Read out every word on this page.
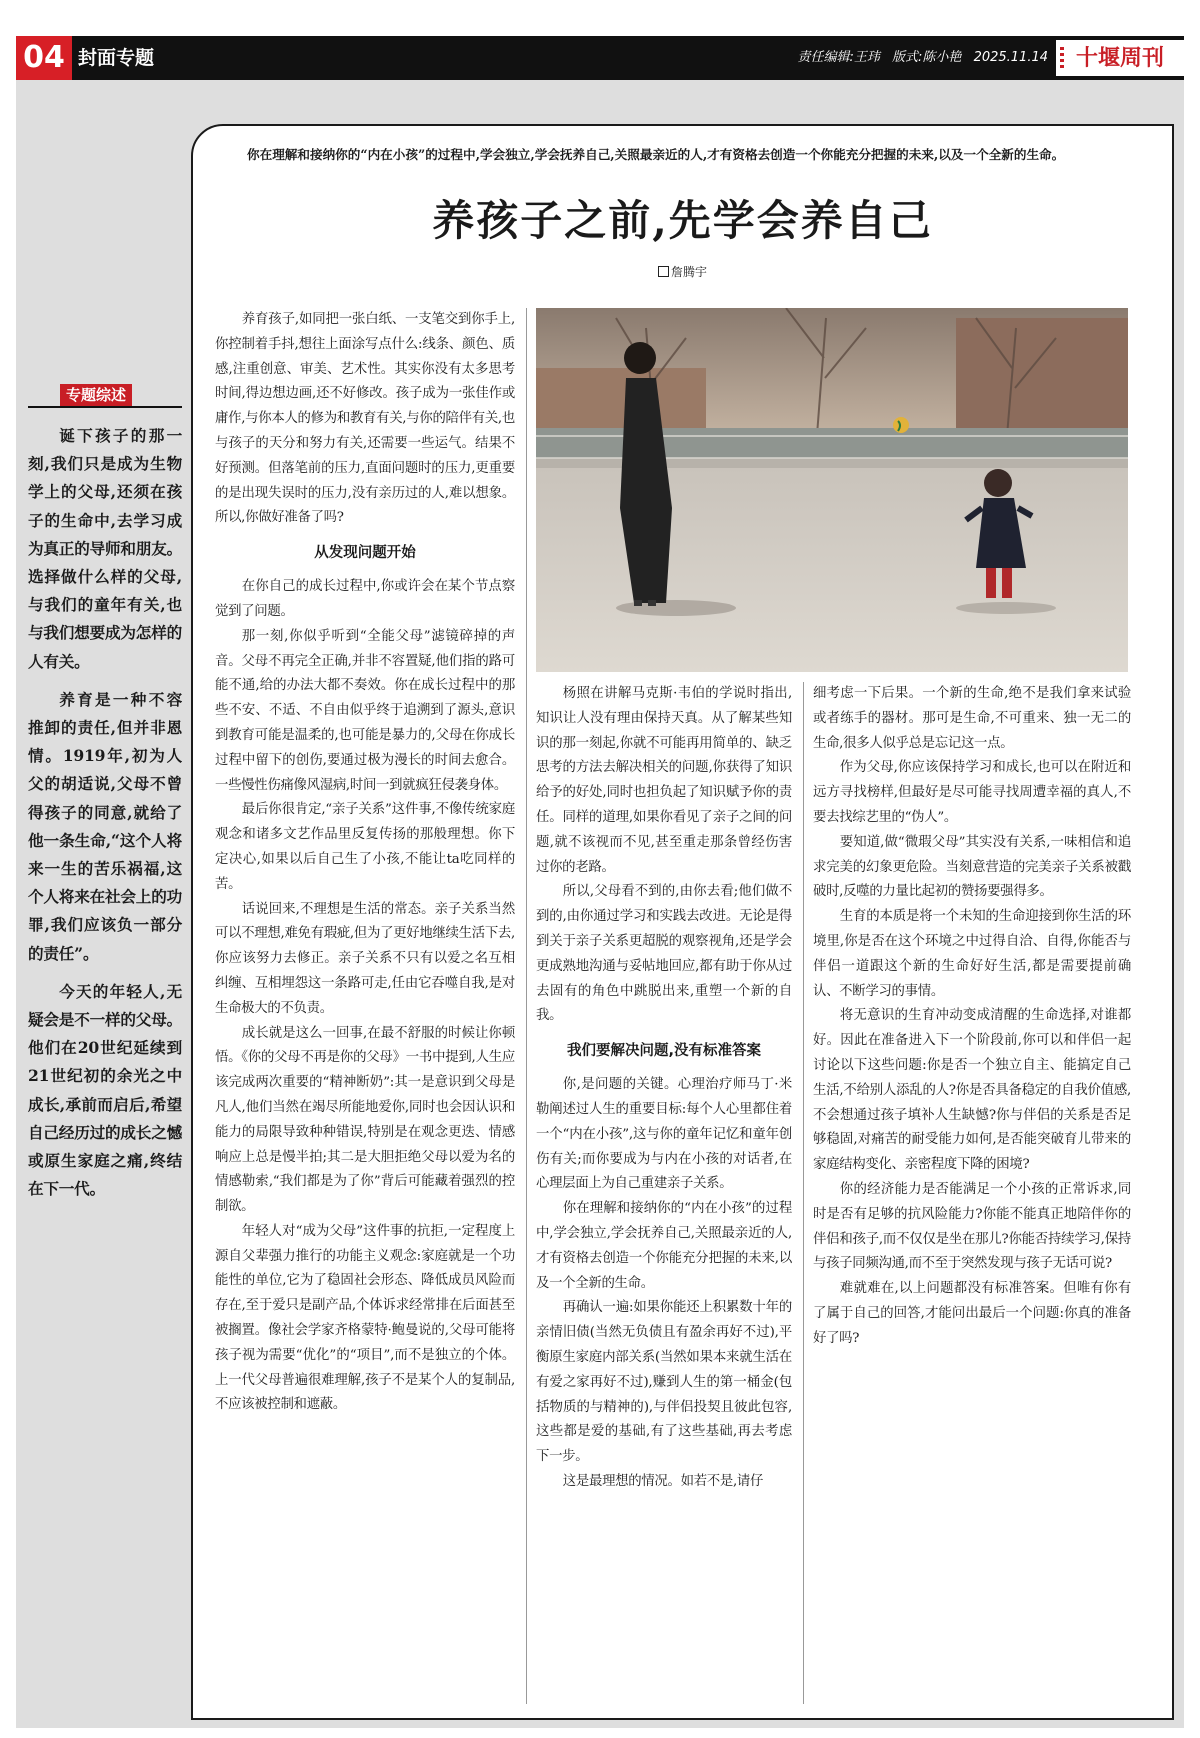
04 封面专题	责任编辑:王玮 版式:陈小艳 2025.11.14	十堰周刊
专题综述

诞下孩子的那一刻,我们只是成为生物学上的父母,还须在孩子的生命中,去学习成为真正的导师和朋友。选择做什么样的父母,与我们的童年有关,也与我们想要成为怎样的人有关。

养育是一种不容推卸的责任,但并非恩情。1919年,初为人父的胡适说,父母不曾得孩子的同意,就给了他一条生命,“这个人将来一生的苦乐祸福,这个人将来在社会上的功罪,我们应该负一部分的责任”。

今天的年轻人,无疑会是不一样的父母。他们在20世纪延续到21世纪初的余光之中成长,承前而启后,希望自己经历过的成长之憾或原生家庭之痛,终结在下一代。

你在理解和接纳你的“内在小孩”的过程中,学会独立,学会抚养自己,关照最亲近的人,才有资格去创造一个你能充分把握的未来,以及一个全新的生命。
养孩子之前,先学会养自己
詹腾宇

养育孩子,如同把一张白纸、一支笔交到你手上,你控制着手抖,想往上面涂写点什么:线条、颜色、质感,注重创意、审美、艺术性。其实你没有太多思考时间,得边想边画,还不好修改。孩子成为一张佳作或庸作,与你本人的修为和教育有关,与你的陪伴有关,也与孩子的天分和努力有关,还需要一些运气。结果不好预测。但落笔前的压力,直面问题时的压力,更重要的是出现失误时的压力,没有亲历过的人,难以想象。所以,你做好准备了吗?

从发现问题开始

在你自己的成长过程中,你或许会在某个节点察觉到了问题。

那一刻,你似乎听到“全能父母”滤镜碎掉的声音。父母不再完全正确,并非不容置疑,他们指的路可能不通,给的办法大都不奏效。你在成长过程中的那些不安、不适、不自由似乎终于追溯到了源头,意识到教育可能是温柔的,也可能是暴力的,父母在你成长过程中留下的创伤,要通过极为漫长的时间去愈合。一些慢性伤痛像风湿病,时间一到就疯狂侵袭身体。

最后你很肯定,“亲子关系”这件事,不像传统家庭观念和诸多文艺作品里反复传扬的那般理想。你下定决心,如果以后自己生了小孩,不能让ta吃同样的苦。

话说回来,不理想是生活的常态。亲子关系当然可以不理想,难免有瑕疵,但为了更好地继续生活下去,你应该努力去修正。亲子关系不只有以爱之名互相纠缠、互相埋怨这一条路可走,任由它吞噬自我,是对生命极大的不负责。

成长就是这么一回事,在最不舒服的时候让你顿悟。《你的父母不再是你的父母》一书中提到,人生应该完成两次重要的“精神断奶”:其一是意识到父母是凡人,他们当然在竭尽所能地爱你,同时也会因认识和能力的局限导致种种错误,特别是在观念更迭、情感响应上总是慢半拍;其二是大胆拒绝父母以爱为名的情感勒索,“我们都是为了你”背后可能藏着强烈的控制欲。

年轻人对“成为父母”这件事的抗拒,一定程度上源自父辈强力推行的功能主义观念:家庭就是一个功能性的单位,它为了稳固社会形态、降低成员风险而存在,至于爱只是副产品,个体诉求经常排在后面甚至被搁置。像社会学家齐格蒙特·鲍曼说的,父母可能将孩子视为需要“优化”的“项目”,而不是独立的个体。上一代父母普遍很难理解,孩子不是某个人的复制品,不应该被控制和遮蔽。

杨照在讲解马克斯·韦伯的学说时指出,知识让人没有理由保持天真。从了解某些知识的那一刻起,你就不可能再用简单的、缺乏思考的方法去解决相关的问题,你获得了知识给予的好处,同时也担负起了知识赋予你的责任。同样的道理,如果你看见了亲子之间的问题,就不该视而不见,甚至重走那条曾经伤害过你的老路。

所以,父母看不到的,由你去看;他们做不到的,由你通过学习和实践去改进。无论是得到关于亲子关系更超脱的观察视角,还是学会更成熟地沟通与妥帖地回应,都有助于你从过去固有的角色中跳脱出来,重塑一个新的自我。

我们要解决问题,没有标准答案

你,是问题的关键。心理治疗师马丁·米勒阐述过人生的重要目标:每个人心里都住着一个“内在小孩”,这与你的童年记忆和童年创伤有关;而你要成为与内在小孩的对话者,在心理层面上为自己重建亲子关系。

你在理解和接纳你的“内在小孩”的过程中,学会独立,学会抚养自己,关照最亲近的人,才有资格去创造一个你能充分把握的未来,以及一个全新的生命。

再确认一遍:如果你能还上积累数十年的亲情旧债(当然无负债且有盈余再好不过),平衡原生家庭内部关系(当然如果本来就生活在有爱之家再好不过),赚到人生的第一桶金(包括物质的与精神的),与伴侣投契且彼此包容,这些都是爱的基础,有了这些基础,再去考虑下一步。

这是最理想的情况。如若不是,请仔

细考虑一下后果。一个新的生命,绝不是我们拿来试验或者练手的器材。那可是生命,不可重来、独一无二的生命,很多人似乎总是忘记这一点。

作为父母,你应该保持学习和成长,也可以在附近和远方寻找榜样,但最好是尽可能寻找周遭幸福的真人,不要去找综艺里的“伪人”。

要知道,做“微瑕父母”其实没有关系,一味相信和追求完美的幻象更危险。当刻意营造的完美亲子关系被戳破时,反噬的力量比起初的赞扬要强得多。

生育的本质是将一个未知的生命迎接到你生活的环境里,你是否在这个环境之中过得自洽、自得,你能否与伴侣一道跟这个新的生命好好生活,都是需要提前确认、不断学习的事情。

将无意识的生育冲动变成清醒的生命选择,对谁都好。因此在准备进入下一个阶段前,你可以和伴侣一起讨论以下这些问题:你是否一个独立自主、能搞定自己生活,不给别人添乱的人?你是否具备稳定的自我价值感,不会想通过孩子填补人生缺憾?你与伴侣的关系是否足够稳固,对痛苦的耐受能力如何,是否能突破育儿带来的家庭结构变化、亲密程度下降的困境?

你的经济能力是否能满足一个小孩的正常诉求,同时是否有足够的抗风险能力?你能不能真正地陪伴你的伴侣和孩子,而不仅仅是坐在那儿?你能否持续学习,保持与孩子同频沟通,而不至于突然发现与孩子无话可说?

难就难在,以上问题都没有标准答案。但唯有你有了属于自己的回答,才能问出最后一个问题:你真的准备好了吗?
